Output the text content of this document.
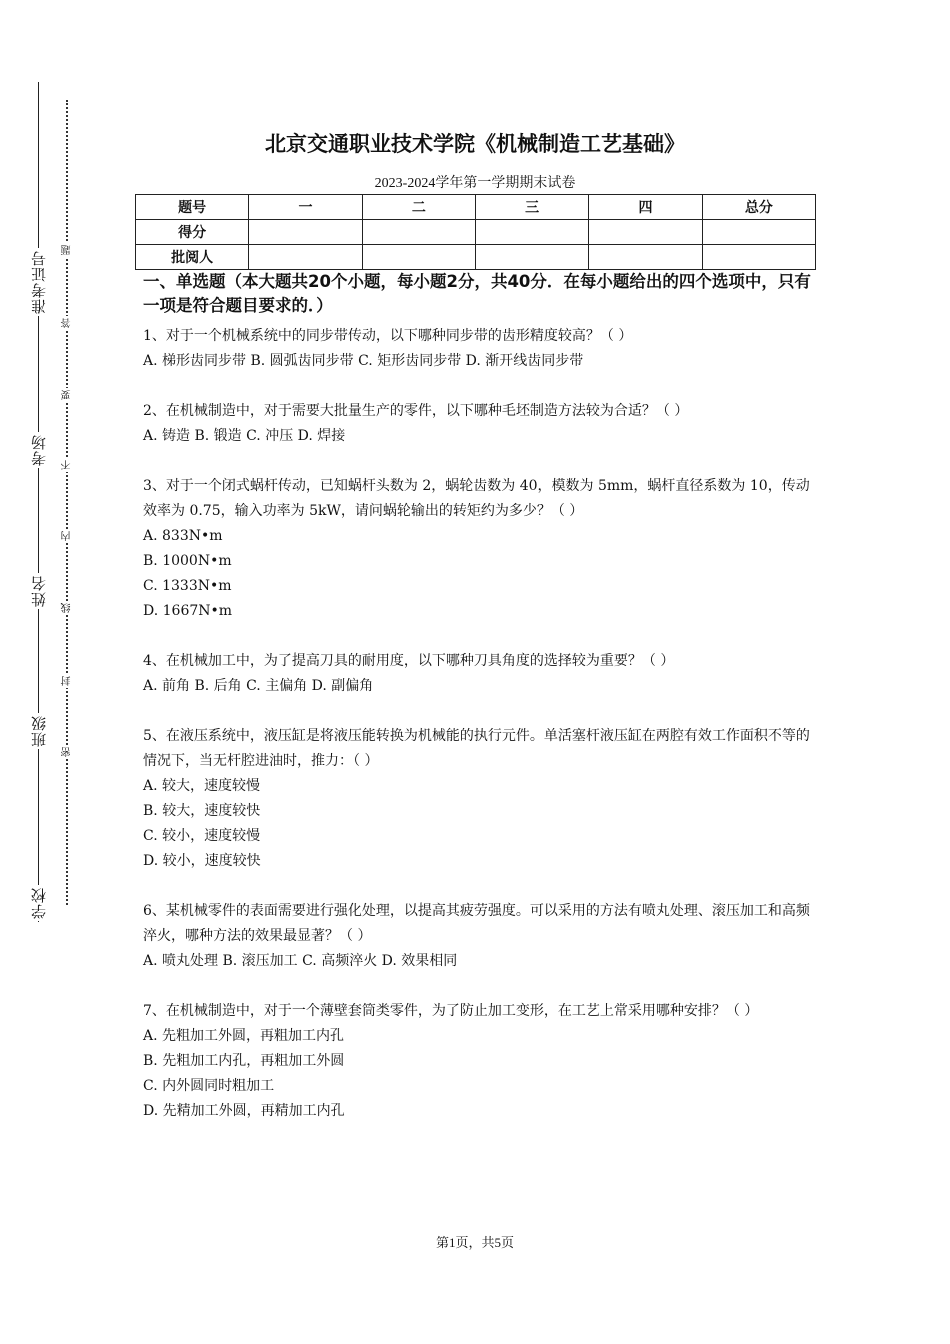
准考证号
考场
姓名
班级
学校
题
答
要
不
内
线
封
密
北京交通职业技术学院《机械制造工艺基础》
2023-2024学年第一学期期末试卷
题号	一	二	三	四	总分
得分					
批阅人					
一、单选题（本大题共20个小题，每小题2分，共40分．在每小题给出的四个选项中，只有一项是符合题目要求的．）

1、对于一个机械系统中的同步带传动，以下哪种同步带的齿形精度较高？（ ）

A. 梯形齿同步带 B. 圆弧齿同步带 C. 矩形齿同步带 D. 渐开线齿同步带

2、在机械制造中，对于需要大批量生产的零件，以下哪种毛坯制造方法较为合适？（ ）

A. 铸造 B. 锻造 C. 冲压 D. 焊接

3、对于一个闭式蜗杆传动，已知蜗杆头数为 2，蜗轮齿数为 40，模数为 5mm，蜗杆直径系数为 10，传动效率为 0.75，输入功率为 5kW，请问蜗轮输出的转矩约为多少？（ ）

A. 833N•m

B. 1000N•m

C. 1333N•m

D. 1667N•m

4、在机械加工中，为了提高刀具的耐用度，以下哪种刀具角度的选择较为重要？（ ）

A. 前角 B. 后角 C. 主偏角 D. 副偏角

5、在液压系统中，液压缸是将液压能转换为机械能的执行元件。单活塞杆液压缸在两腔有效工作面积不等的情况下，当无杆腔进油时，推力：（ ）

A. 较大，速度较慢

B. 较大，速度较快

C. 较小，速度较慢

D. 较小，速度较快

6、某机械零件的表面需要进行强化处理，以提高其疲劳强度。可以采用的方法有喷丸处理、滚压加工和高频淬火，哪种方法的效果最显著？（ ）

A. 喷丸处理 B. 滚压加工 C. 高频淬火 D. 效果相同

7、在机械制造中，对于一个薄壁套筒类零件，为了防止加工变形，在工艺上常采用哪种安排？（ ）

A. 先粗加工外圆，再粗加工内孔

B. 先粗加工内孔，再粗加工外圆

C. 内外圆同时粗加工

D. 先精加工外圆，再精加工内孔

第1页，共5页
